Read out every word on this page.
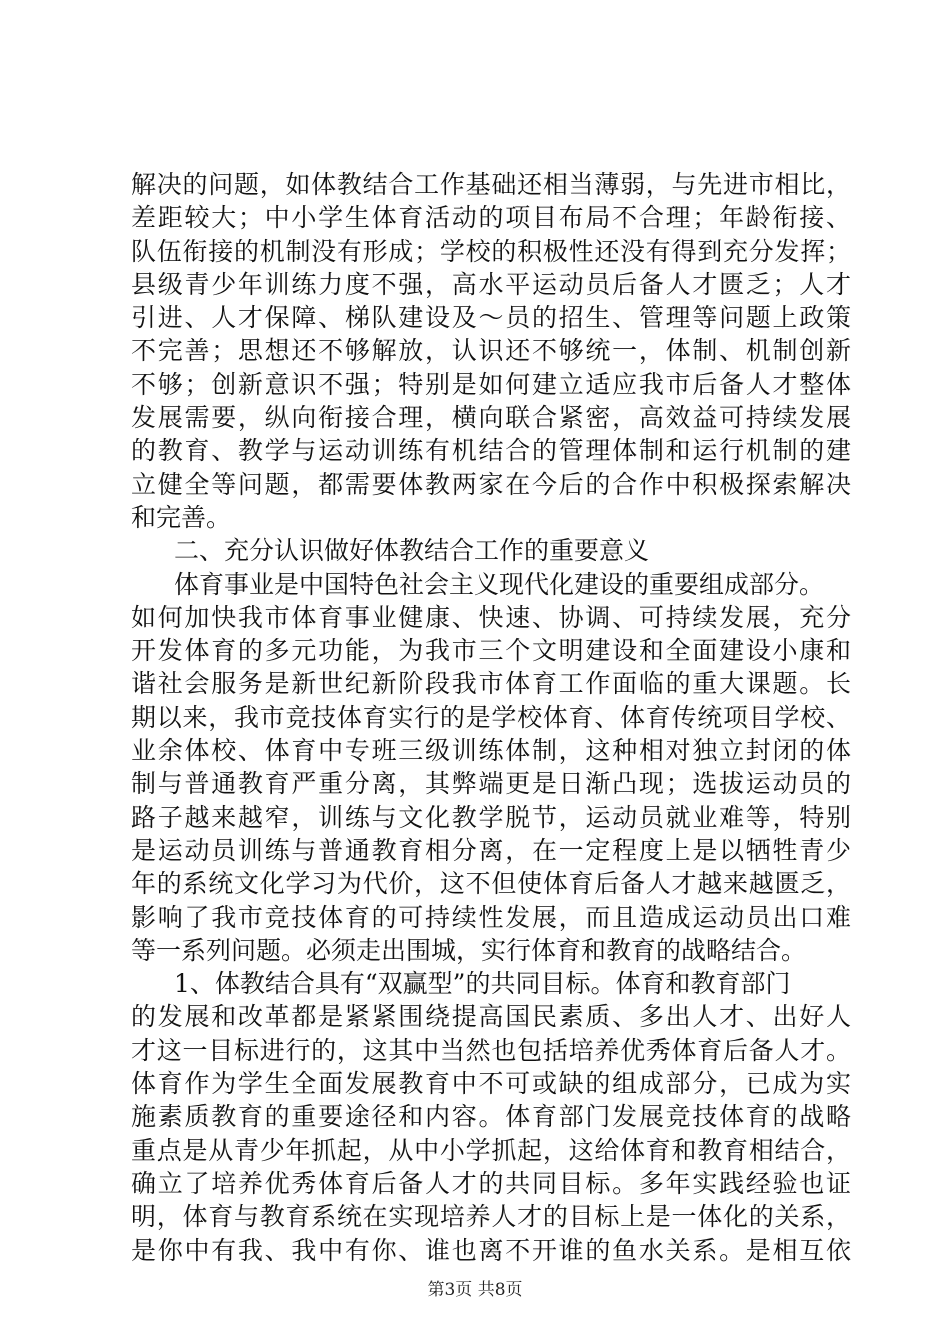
解决的问题，如体教结合工作基础还相当薄弱，与先进市相比，
差距较大；中小学生体育活动的项目布局不合理；年龄衔接、
队伍衔接的机制没有形成；学校的积极性还没有得到充分发挥；
县级青少年训练力度不强，高水平运动员后备人才匮乏；人才
引进、人才保障、梯队建设及～员的招生、管理等问题上政策
不完善；思想还不够解放，认识还不够统一，体制、机制创新
不够；创新意识不强；特别是如何建立适应我市后备人才整体
发展需要，纵向衔接合理，横向联合紧密，高效益可持续发展
的教育、教学与运动训练有机结合的管理体制和运行机制的建
立健全等问题，都需要体教两家在今后的合作中积极探索解决
和完善。
二、充分认识做好体教结合工作的重要意义
体育事业是中国特色社会主义现代化建设的重要组成部分。
如何加快我市体育事业健康、快速、协调、可持续发展，充分
开发体育的多元功能，为我市三个文明建设和全面建设小康和
谐社会服务是新世纪新阶段我市体育工作面临的重大课题。长
期以来，我市竞技体育实行的是学校体育、体育传统项目学校、
业余体校、体育中专班三级训练体制，这种相对独立封闭的体
制与普通教育严重分离，其弊端更是日渐凸现；选拔运动员的
路子越来越窄，训练与文化教学脱节，运动员就业难等，特别
是运动员训练与普通教育相分离，在一定程度上是以牺牲青少
年的系统文化学习为代价，这不但使体育后备人才越来越匮乏，
影响了我市竞技体育的可持续性发展，而且造成运动员出口难
等一系列问题。必须走出围城，实行体育和教育的战略结合。
1、体教结合具有“双赢型”的共同目标。体育和教育部门
的发展和改革都是紧紧围绕提高国民素质、多出人才、出好人
才这一目标进行的，这其中当然也包括培养优秀体育后备人才。
体育作为学生全面发展教育中不可或缺的组成部分，已成为实
施素质教育的重要途径和内容。体育部门发展竞技体育的战略
重点是从青少年抓起，从中小学抓起，这给体育和教育相结合，
确立了培养优秀体育后备人才的共同目标。多年实践经验也证
明，体育与教育系统在实现培养人才的目标上是一体化的关系，
是你中有我、我中有你、谁也离不开谁的鱼水关系。是相互依
第3页 共8页
